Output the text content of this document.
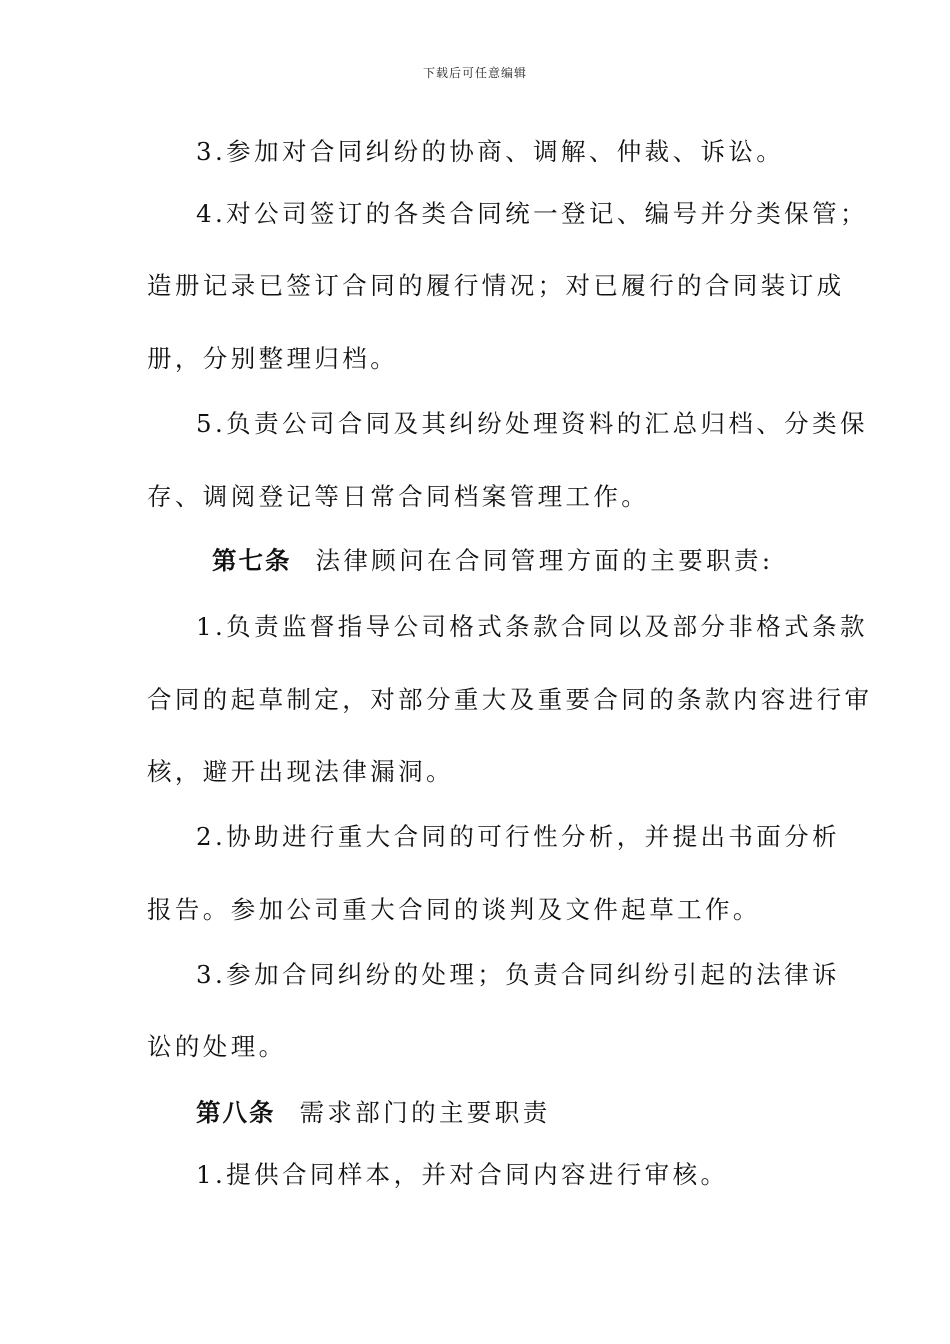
下载后可任意编辑
3.参加对合同纠纷的协商、调解、仲裁、诉讼。
4.对公司签订的各类合同统一登记、编号并分类保管；
造册记录已签订合同的履行情况；对已履行的合同装订成
册，分别整理归档。
5.负责公司合同及其纠纷处理资料的汇总归档、分类保
存、调阅登记等日常合同档案管理工作。
第七条 法律顾问在合同管理方面的主要职责:
1.负责监督指导公司格式条款合同以及部分非格式条款
合同的起草制定，对部分重大及重要合同的条款内容进行审
核，避开出现法律漏洞。
2.协助进行重大合同的可行性分析，并提出书面分析
报告。参加公司重大合同的谈判及文件起草工作。
3.参加合同纠纷的处理；负责合同纠纷引起的法律诉
讼的处理。
第八条 需求部门的主要职责
1.提供合同样本，并对合同内容进行审核。
